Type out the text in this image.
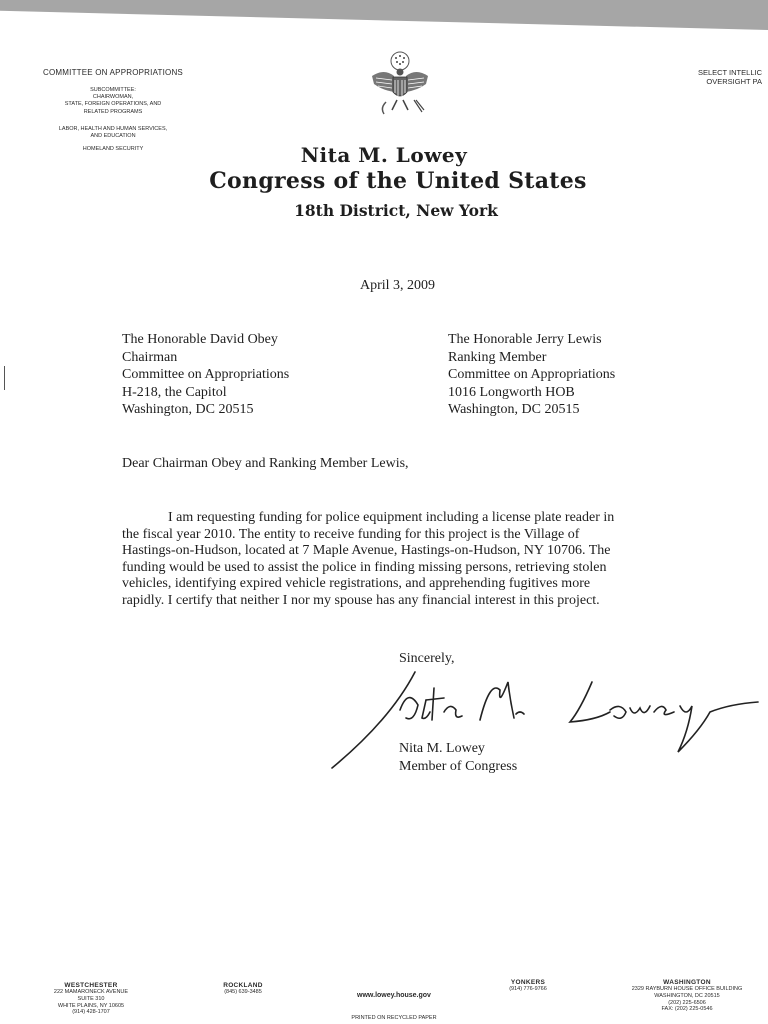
COMMITTEE ON APPROPRIATIONS
SUBCOMMITTEE:
CHAIRWOMAN,
STATE, FOREIGN OPERATIONS, AND
RELATED PROGRAMS
LABOR, HEALTH AND HUMAN SERVICES,
AND EDUCATION
HOMELAND SECURITY
SELECT INTELLIC
OVERSIGHT PA
Nita M. Lowey
Congress of the United States
18th District, New York
April 3, 2009
The Honorable David Obey
Chairman
Committee on Appropriations
H-218, the Capitol
Washington, DC 20515
The Honorable Jerry Lewis
Ranking Member
Committee on Appropriations
1016 Longworth HOB
Washington, DC 20515
Dear Chairman Obey and Ranking Member Lewis,
I am requesting funding for police equipment including a license plate reader in
the fiscal year 2010. The entity to receive funding for this project is the Village of
Hastings-on-Hudson, located at 7 Maple Avenue, Hastings-on-Hudson, NY 10706. The
funding would be used to assist the police in finding missing persons, retrieving stolen
vehicles, identifying expired vehicle registrations, and apprehending fugitives more
rapidly. I certify that neither I nor my spouse has any financial interest in this project.
Sincerely,
Nita M. Lowey
Member of Congress
WESTCHESTER
222 MAMARONECK AVENUE
SUITE 310
WHITE PLAINS, NY 10605
(914) 428-1707
ROCKLAND
(845) 639-3485	www.lowey.house.gov
PRINTED ON RECYCLED PAPER
YONKERS
(914) 776-9766
WASHINGTON
2329 RAYBURN HOUSE OFFICE BUILDING
WASHINGTON, DC 20515
(202) 225-6506
FAX: (202) 225-0546
